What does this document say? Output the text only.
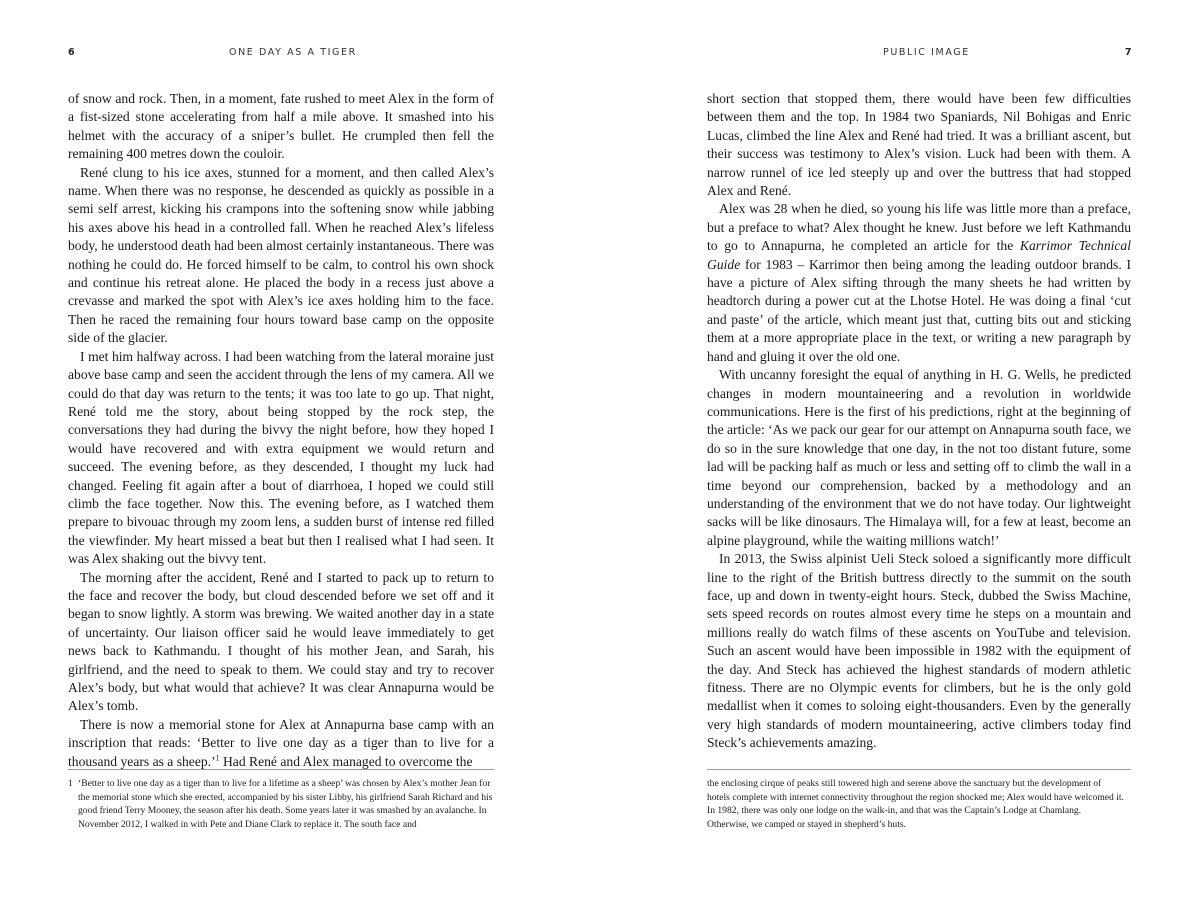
6	ONE DAY AS A TIGER

of snow and rock. Then, in a moment, fate rushed to meet Alex in the form of a fist-sized stone accelerating from half a mile above. It smashed into his helmet with the accuracy of a sniper’s bullet. He crumpled then fell the remaining 400 metres down the couloir.

René clung to his ice axes, stunned for a moment, and then called Alex’s name. When there was no response, he descended as quickly as possible in a semi self arrest, kicking his crampons into the softening snow while jabbing his axes above his head in a controlled fall. When he reached Alex’s lifeless body, he understood death had been almost certainly instantaneous. There was nothing he could do. He forced himself to be calm, to control his own shock and continue his retreat alone. He placed the body in a recess just above a crevasse and marked the spot with Alex’s ice axes holding him to the face. Then he raced the remaining four hours toward base camp on the opposite side of the glacier.

I met him halfway across. I had been watching from the lateral moraine just above base camp and seen the accident through the lens of my camera. All we could do that day was return to the tents; it was too late to go up. That night, René told me the story, about being stopped by the rock step, the conversations they had during the bivvy the night before, how they hoped I would have recovered and with extra equipment we would return and succeed. The evening before, as they descended, I thought my luck had changed. Feeling fit again after a bout of diarrhoea, I hoped we could still climb the face together. Now this. The evening before, as I watched them prepare to bivouac through my zoom lens, a sudden burst of intense red filled the viewfinder. My heart missed a beat but then I realised what I had seen. It was Alex shaking out the bivvy tent.

The morning after the accident, René and I started to pack up to return to the face and recover the body, but cloud descended before we set off and it began to snow lightly. A storm was brewing. We waited another day in a state of uncertainty. Our liaison officer said he would leave immediately to get news back to Kathmandu. I thought of his mother Jean, and Sarah, his girlfriend, and the need to speak to them. We could stay and try to recover Alex’s body, but what would that achieve? It was clear Annapurna would be Alex’s tomb.

There is now a memorial stone for Alex at Annapurna base camp with an inscription that reads: ‘Better to live one day as a tiger than to live for a thousand years as a sheep.’$^1$ Had René and Alex managed to overcome the

1 ‘Better to live one day as a tiger than to live for a lifetime as a sheep’ was chosen by Alex’s mother Jean for the memorial stone which she erected, accompanied by his sister Libby, his girlfriend Sarah Richard and his good friend Terry Mooney, the season after his death. Some years later it was smashed by an avalanche. In November 2012, I walked in with Pete and Diane Clark to replace it. The south face and
PUBLIC IMAGE	7

short section that stopped them, there would have been few difficulties between them and the top. In 1984 two Spaniards, Nil Bohigas and Enric Lucas, climbed the line Alex and René had tried. It was a brilliant ascent, but their success was testimony to Alex’s vision. Luck had been with them. A narrow runnel of ice led steeply up and over the buttress that had stopped Alex and René.

Alex was 28 when he died, so young his life was little more than a preface, but a preface to what? Alex thought he knew. Just before we left Kathmandu to go to Annapurna, he completed an article for the Karrimor Technical Guide for 1983 – Karrimor then being among the leading outdoor brands. I have a picture of Alex sifting through the many sheets he had written by headtorch during a power cut at the Lhotse Hotel. He was doing a final ‘cut and paste’ of the article, which meant just that, cutting bits out and sticking them at a more appropriate place in the text, or writing a new paragraph by hand and gluing it over the old one.

With uncanny foresight the equal of anything in H. G. Wells, he predicted changes in modern mountaineering and a revolution in worldwide communications. Here is the first of his predictions, right at the beginning of the article: ‘As we pack our gear for our attempt on Annapurna south face, we do so in the sure knowledge that one day, in the not too distant future, some lad will be packing half as much or less and setting off to climb the wall in a time beyond our comprehension, backed by a methodology and an understanding of the environment that we do not have today. Our lightweight sacks will be like dinosaurs. The Himalaya will, for a few at least, become an alpine playground, while the waiting millions watch!’

In 2013, the Swiss alpinist Ueli Steck soloed a significantly more difficult line to the right of the British buttress directly to the summit on the south face, up and down in twenty-eight hours. Steck, dubbed the Swiss Machine, sets speed records on routes almost every time he steps on a mountain and millions really do watch films of these ascents on YouTube and television. Such an ascent would have been impossible in 1982 with the equipment of the day. And Steck has achieved the highest standards of modern athletic fitness. There are no Olympic events for climbers, but he is the only gold medallist when it comes to soloing eight-thousanders. Even by the generally very high standards of modern mountaineering, active climbers today find Steck’s achievements amazing.

the enclosing cirque of peaks still towered high and serene above the sanctuary but the development of hotels complete with internet connectivity throughout the region shocked me; Alex would have welcomed it. In 1982, there was only one lodge on the walk-in, and that was the Captain’s Lodge at Chamlang. Otherwise, we camped or stayed in shepherd’s huts.
